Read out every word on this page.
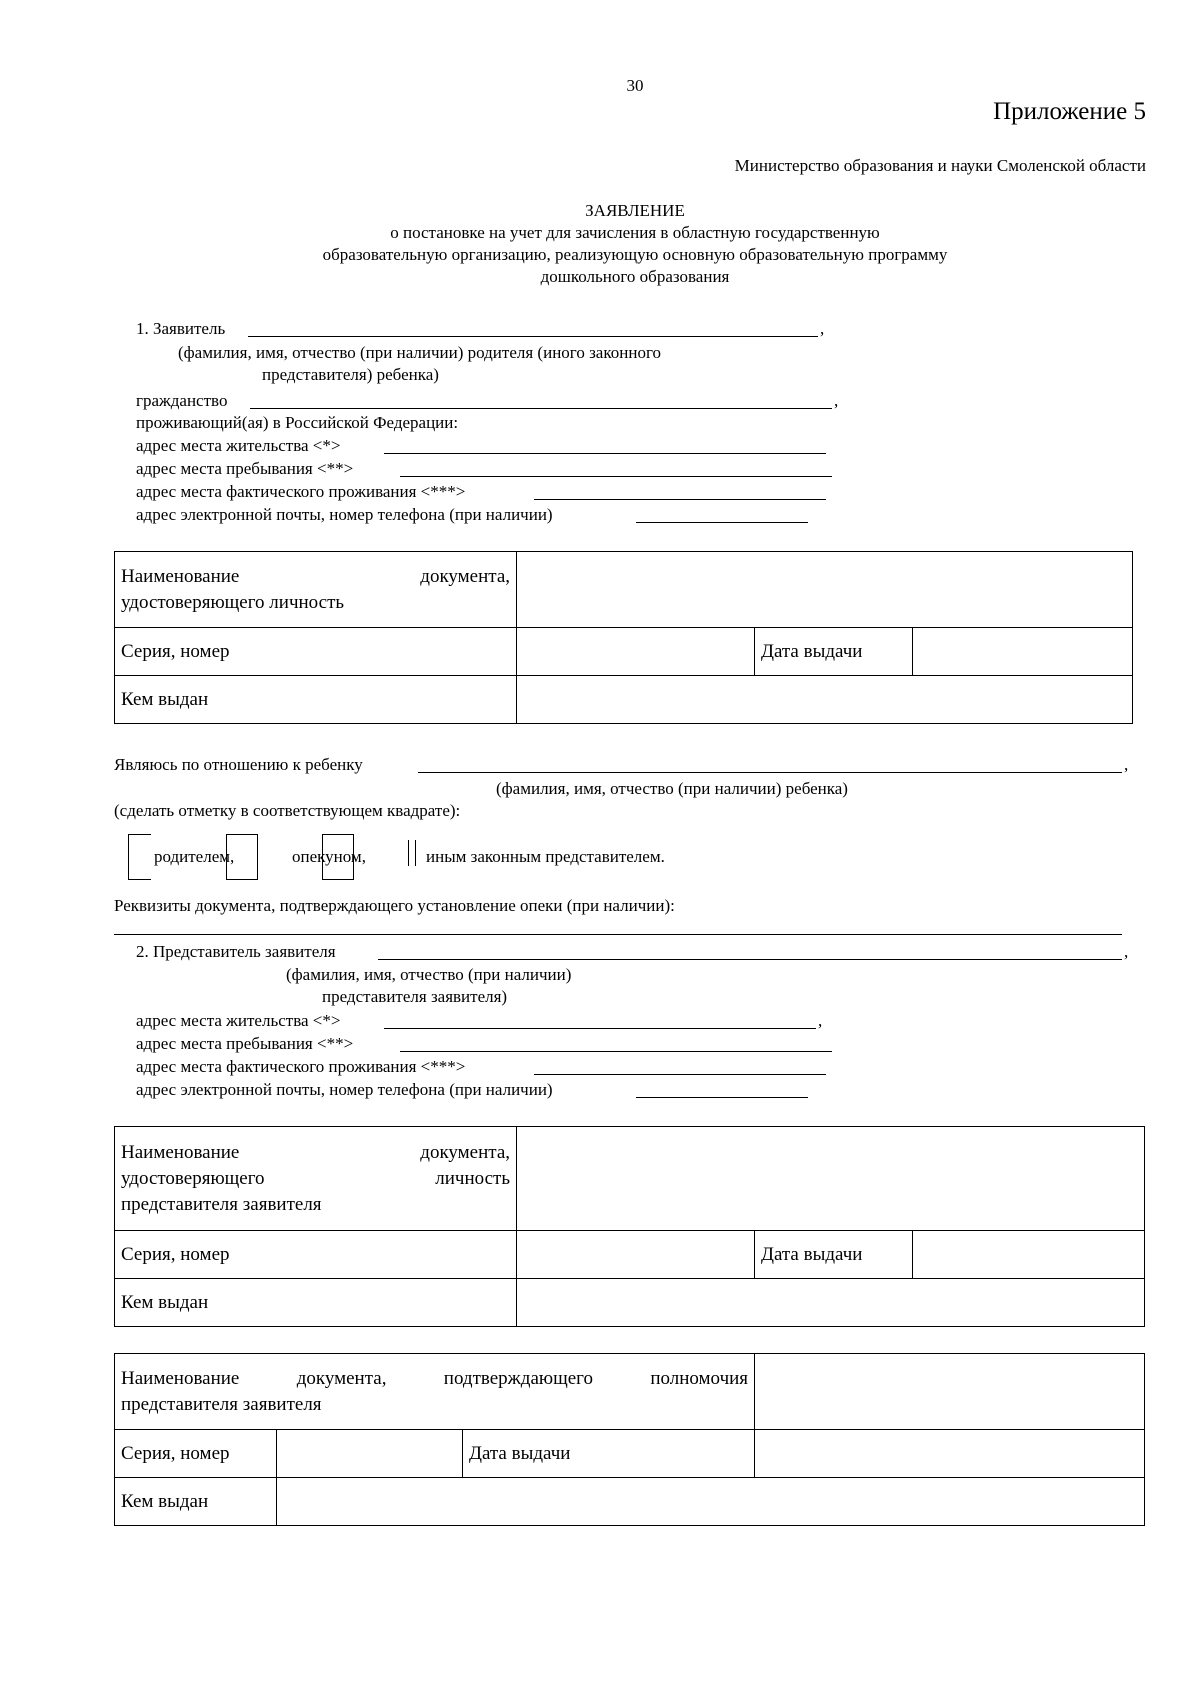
30
Приложение 5
Министерство образования и науки Смоленской области
ЗАЯВЛЕНИЕ
о постановке на учет для зачисления в областную государственную
образовательную организацию, реализующую основную образовательную программу
дошкольного образования
1. Заявитель	,
(фамилия, имя, отчество (при наличии) родителя (иного законного
представителя) ребенка)
гражданство	,
проживающий(ая) в Российской Федерации:
адрес места жительства <*>
адрес места пребывания <**>
адрес места фактического проживания <***>
адрес электронной почты, номер телефона (при наличии)
Наименование документа,
удостоверяющего личность			

Серия, номер		Дата выдачи	
Кем выдан			
Являюсь по отношению к ребенку	,
(фамилия, имя, отчество (при наличии) ребенка)
(сделать отметку в соответствующем квадрате):
родителем,	опекуном,	иным законным представителем.
Реквизиты документа, подтверждающего установление опеки (при наличии):
2. Представитель заявителя	,
(фамилия, имя, отчество (при наличии)
представителя заявителя)
адрес места жительства <*>	,
адрес места пребывания <**>
адрес места фактического проживания <***>
адрес электронной почты, номер телефона (при наличии)
Наименование документа,
удостоверяющего личность
представителя заявителя			

Серия, номер		Дата выдачи	
Кем выдан			
Наименование документа, подтверждающего полномочия
представителя заявителя			

Серия, номер		Дата выдачи	
Кем выдан			
